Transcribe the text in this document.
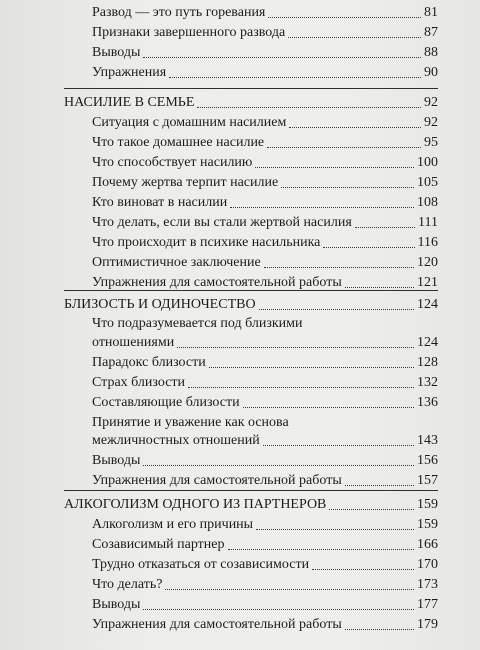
Развод — это путь горевания	81
Признаки завершенного развода	87
Выводы	88
Упражнения	90
НАСИЛИЕ В СЕМЬЕ	92
Ситуация с домашним насилием	92
Что такое домашнее насилие	95
Что способствует насилию	100
Почему жертва терпит насилие	105
Кто виноват в насилии	108
Что делать, если вы стали жертвой насилия	111
Что происходит в психике насильника	116
Оптимистичное заключение	120
Упражнения для самостоятельной работы	121
БЛИЗОСТЬ И ОДИНОЧЕСТВО	124
Что подразумевается под близкими
отношениями	124
Парадокс близости	128
Страх близости	132
Составляющие близости	136
Принятие и уважение как основа
межличностных отношений	143
Выводы	156
Упражнения для самостоятельной работы	157
АЛКОГОЛИЗМ ОДНОГО ИЗ ПАРТНЕРОВ	159
Алкоголизм и его причины	159
Созависимый партнер	166
Трудно отказаться от созависимости	170
Что делать?	173
Выводы	177
Упражнения для самостоятельной работы	179
